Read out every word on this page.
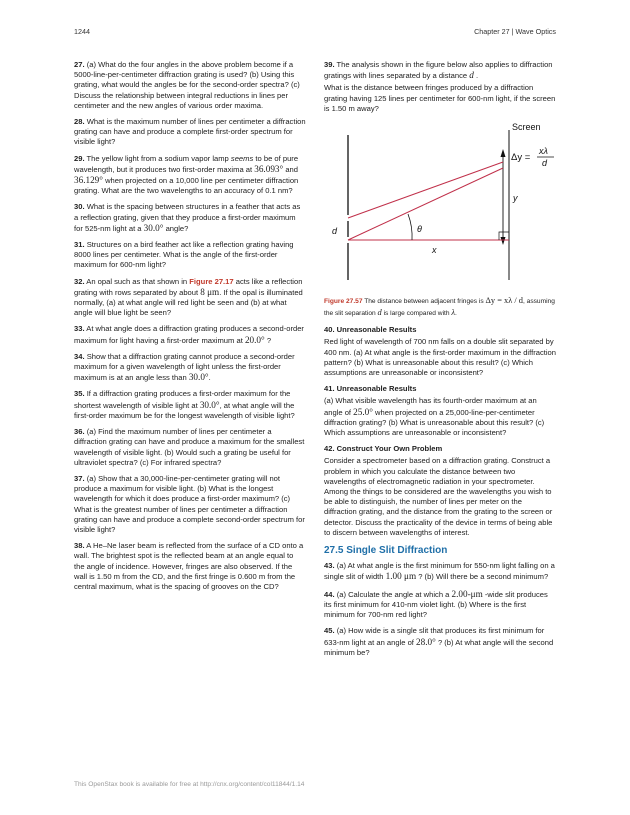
1244	Chapter 27 | Wave Optics

27. (a) What do the four angles in the above problem become if a 5000-line-per-centimeter diffraction grating is used? (b) Using this grating, what would the angles be for the second-order spectra? (c) Discuss the relationship between integral reductions in lines per centimeter and the new angles of various order maxima.

28. What is the maximum number of lines per centimeter a diffraction grating can have and produce a complete first-order spectrum for visible light?

29. The yellow light from a sodium vapor lamp seems to be of pure wavelength, but it produces two first-order maxima at 36.093° and 36.129° when projected on a 10,000 line per centimeter diffraction grating. What are the two wavelengths to an accuracy of 0.1 nm?

30. What is the spacing between structures in a feather that acts as a reflection grating, given that they produce a first-order maximum for 525-nm light at a 30.0° angle?

31. Structures on a bird feather act like a reflection grating having 8000 lines per centimeter. What is the angle of the first-order maximum for 600-nm light?

32. An opal such as that shown in Figure 27.17 acts like a reflection grating with rows separated by about 8 μm. If the opal is illuminated normally, (a) at what angle will red light be seen and (b) at what angle will blue light be seen?

33. At what angle does a diffraction grating produces a second-order maximum for light having a first-order maximum at 20.0° ?

34. Show that a diffraction grating cannot produce a second-order maximum for a given wavelength of light unless the first-order maximum is at an angle less than 30.0°.

35. If a diffraction grating produces a first-order maximum for the shortest wavelength of visible light at 30.0°, at what angle will the first-order maximum be for the longest wavelength of visible light?

36. (a) Find the maximum number of lines per centimeter a diffraction grating can have and produce a maximum for the smallest wavelength of visible light. (b) Would such a grating be useful for ultraviolet spectra? (c) For infrared spectra?

37. (a) Show that a 30,000-line-per-centimeter grating will not produce a maximum for visible light. (b) What is the longest wavelength for which it does produce a first-order maximum? (c) What is the greatest number of lines per centimeter a diffraction grating can have and produce a complete second-order spectrum for visible light?

38. A He–Ne laser beam is reflected from the surface of a CD onto a wall. The brightest spot is the reflected beam at an angle equal to the angle of incidence. However, fringes are also observed. If the wall is 1.50 m from the CD, and the first fringe is 0.600 m from the central maximum, what is the spacing of grooves on the CD?

39. The analysis shown in the figure below also applies to diffraction gratings with lines separated by a distance d .

What is the distance between fringes produced by a diffraction grating having 125 lines per centimeter for 600-nm light, if the screen is 1.50 m away?

Screen
Δy =
xλ
d
y
d	θ
x

Figure 27.57 The distance between adjacent fringes is Δy = xλ / d, assuming the slit separation d is large compared with λ.

40. Unreasonable Results

Red light of wavelength of 700 nm falls on a double slit separated by 400 nm. (a) At what angle is the first-order maximum in the diffraction pattern? (b) What is unreasonable about this result? (c) Which assumptions are unreasonable or inconsistent?

41. Unreasonable Results

(a) What visible wavelength has its fourth-order maximum at an angle of 25.0° when projected on a 25,000-line-per-centimeter diffraction grating? (b) What is unreasonable about this result? (c) Which assumptions are unreasonable or inconsistent?

42. Construct Your Own Problem

Consider a spectrometer based on a diffraction grating. Construct a problem in which you calculate the distance between two wavelengths of electromagnetic radiation in your spectrometer. Among the things to be considered are the wavelengths you wish to be able to distinguish, the number of lines per meter on the diffraction grating, and the distance from the grating to the screen or detector. Discuss the practicality of the device in terms of being able to discern between wavelengths of interest.

27.5 Single Slit Diffraction

43. (a) At what angle is the first minimum for 550-nm light falling on a single slit of width 1.00 μm ? (b) Will there be a second minimum?

44. (a) Calculate the angle at which a 2.00-μm -wide slit produces its first minimum for 410-nm violet light. (b) Where is the first minimum for 700-nm red light?

45. (a) How wide is a single slit that produces its first minimum for 633-nm light at an angle of 28.0° ? (b) At what angle will the second minimum be?

This OpenStax book is available for free at http://cnx.org/content/col11844/1.14
